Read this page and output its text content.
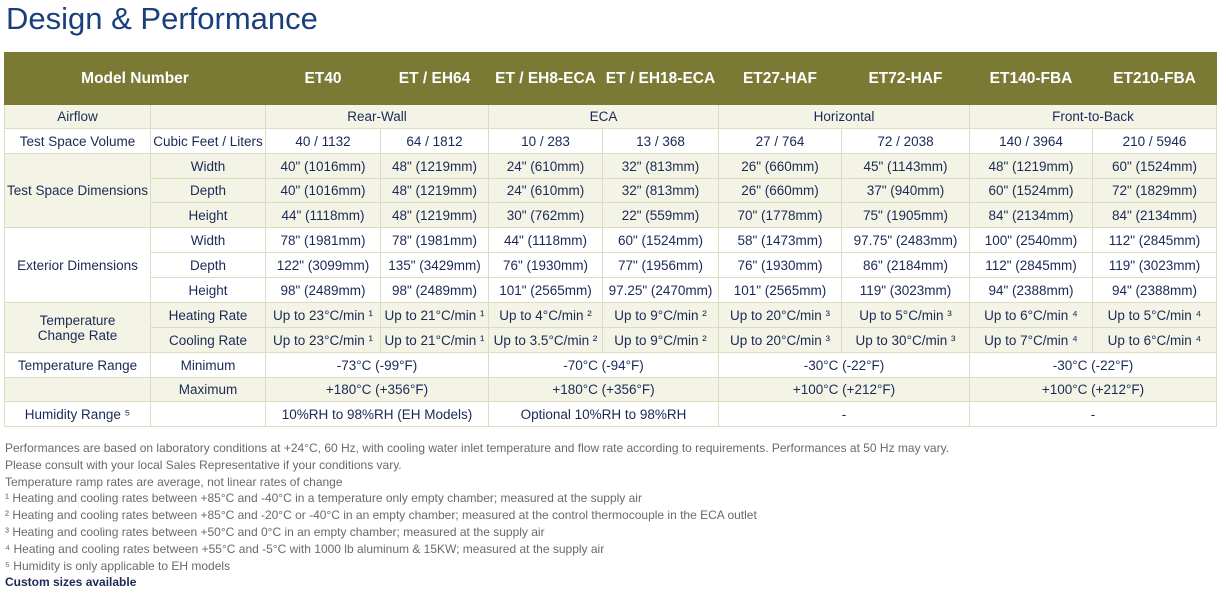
Design & Performance
Model Number		ET40	ET / EH64	ET / EH8-ECA	ET / EH18-ECA	ET27-HAF	ET72-HAF	ET140-FBA	ET210-FBA
Airflow		Rear-Wall		ECA		Horizontal		Front-to-Back	
Test Space Volume	Cubic Feet / Liters	40 / 1132	64 / 1812	10 / 283	13 / 368	27 / 764	72 / 2038	140 / 3964	210 / 5946
Test Space Dimensions	Width	40" (1016mm)	48" (1219mm)	24" (610mm)	32" (813mm)	26" (660mm)	45" (1143mm)	48" (1219mm)	60" (1524mm)
	Depth	40" (1016mm)	48" (1219mm)	24" (610mm)	32" (813mm)	26" (660mm)	37" (940mm)	60" (1524mm)	72" (1829mm)
	Height	44" (1118mm)	48" (1219mm)	30" (762mm)	22" (559mm)	70" (1778mm)	75" (1905mm)	84" (2134mm)	84" (2134mm)
Exterior Dimensions	Width	78" (1981mm)	78" (1981mm)	44" (1118mm)	60" (1524mm)	58" (1473mm)	97.75" (2483mm)	100" (2540mm)	112" (2845mm)
	Depth	122" (3099mm)	135" (3429mm)	76" (1930mm)	77" (1956mm)	76" (1930mm)	86" (2184mm)	112" (2845mm)	119" (3023mm)
	Height	98" (2489mm)	98" (2489mm)	101" (2565mm)	97.25" (2470mm)	101" (2565mm)	119" (3023mm)	94" (2388mm)	94" (2388mm)

Temperature
Change Rate	Heating Rate	Up to 23°C/min ¹	Up to 21°C/min ¹	Up to 4°C/min ²	Up to 9°C/min ²	Up to 20°C/min ³	Up to 5°C/min ³	Up to 6°C/min ⁴	Up to 5°C/min ⁴
	Cooling Rate	Up to 23°C/min ¹	Up to 21°C/min ¹	Up to 3.5°C/min ²	Up to 9°C/min ²	Up to 20°C/min ³	Up to 30°C/min ³	Up to 7°C/min ⁴	Up to 6°C/min ⁴
Temperature Range	Minimum	-73°C (-99°F)		-70°C (-94°F)		-30°C (-22°F)		-30°C (-22°F)	
	Maximum	+180°C (+356°F)		+180°C (+356°F)		+100°C (+212°F)		+100°C (+212°F)	
Humidity Range ⁵		10%RH to 98%RH (EH Models)		Optional 10%RH to 98%RH		-		-	
Performances are based on laboratory conditions at +24°C, 60 Hz, with cooling water inlet temperature and flow rate according to requirements. Performances at 50 Hz may vary.
Please consult with your local Sales Representative if your conditions vary.
Temperature ramp rates are average, not linear rates of change
¹ Heating and cooling rates between +85°C and -40°C in a temperature only empty chamber; measured at the supply air
² Heating and cooling rates between +85°C and -20°C or -40°C in an empty chamber; measured at the control thermocouple in the ECA outlet
³ Heating and cooling rates between +50°C and 0°C in an empty chamber; measured at the supply air
⁴ Heating and cooling rates between +55°C and -5°C with 1000 lb aluminum & 15KW; measured at the supply air
⁵ Humidity is only applicable to EH models
Custom sizes available
